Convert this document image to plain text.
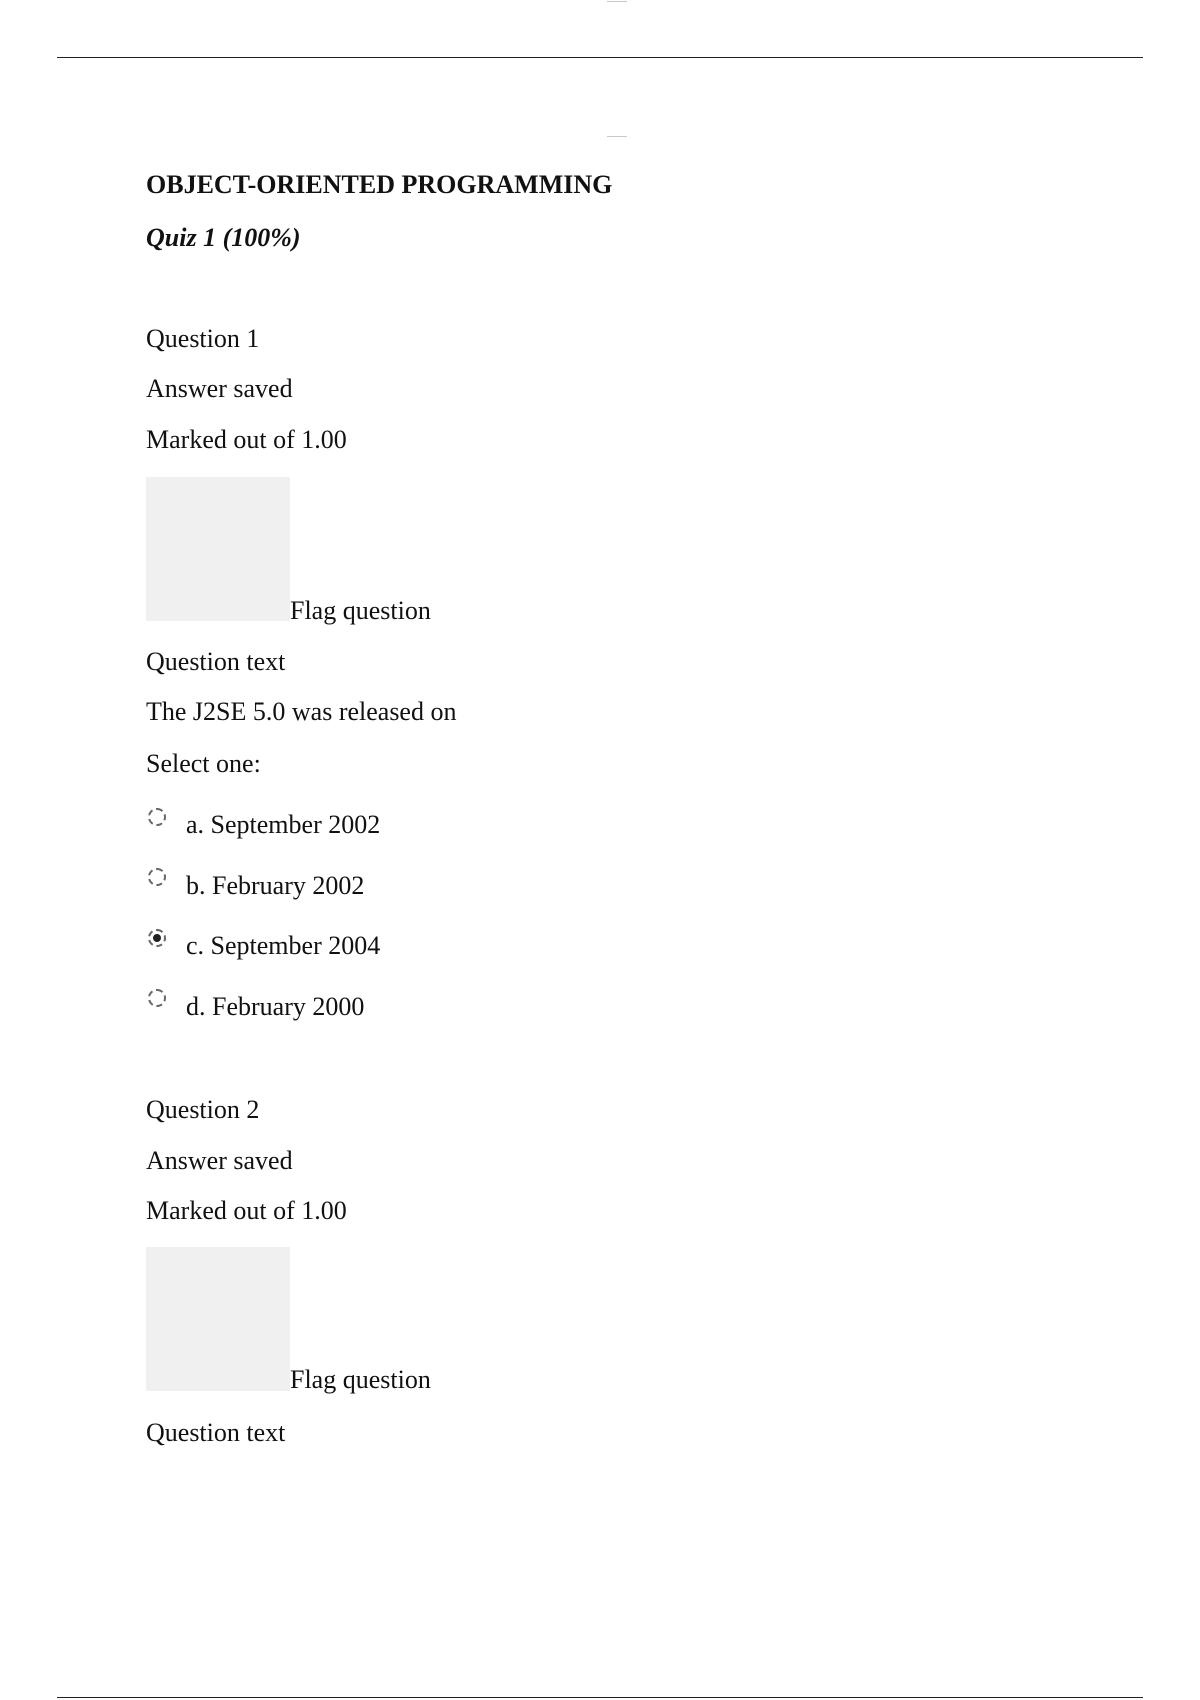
OBJECT-ORIENTED PROGRAMMING
Quiz 1 (100%)
Question 1
Answer saved
Marked out of 1.00
Flag question
Question text
The J2SE 5.0 was released on
Select one:
a. September 2002
b. February 2002
c. September 2004
d. February 2000
Question 2
Answer saved
Marked out of 1.00
Flag question
Question text
